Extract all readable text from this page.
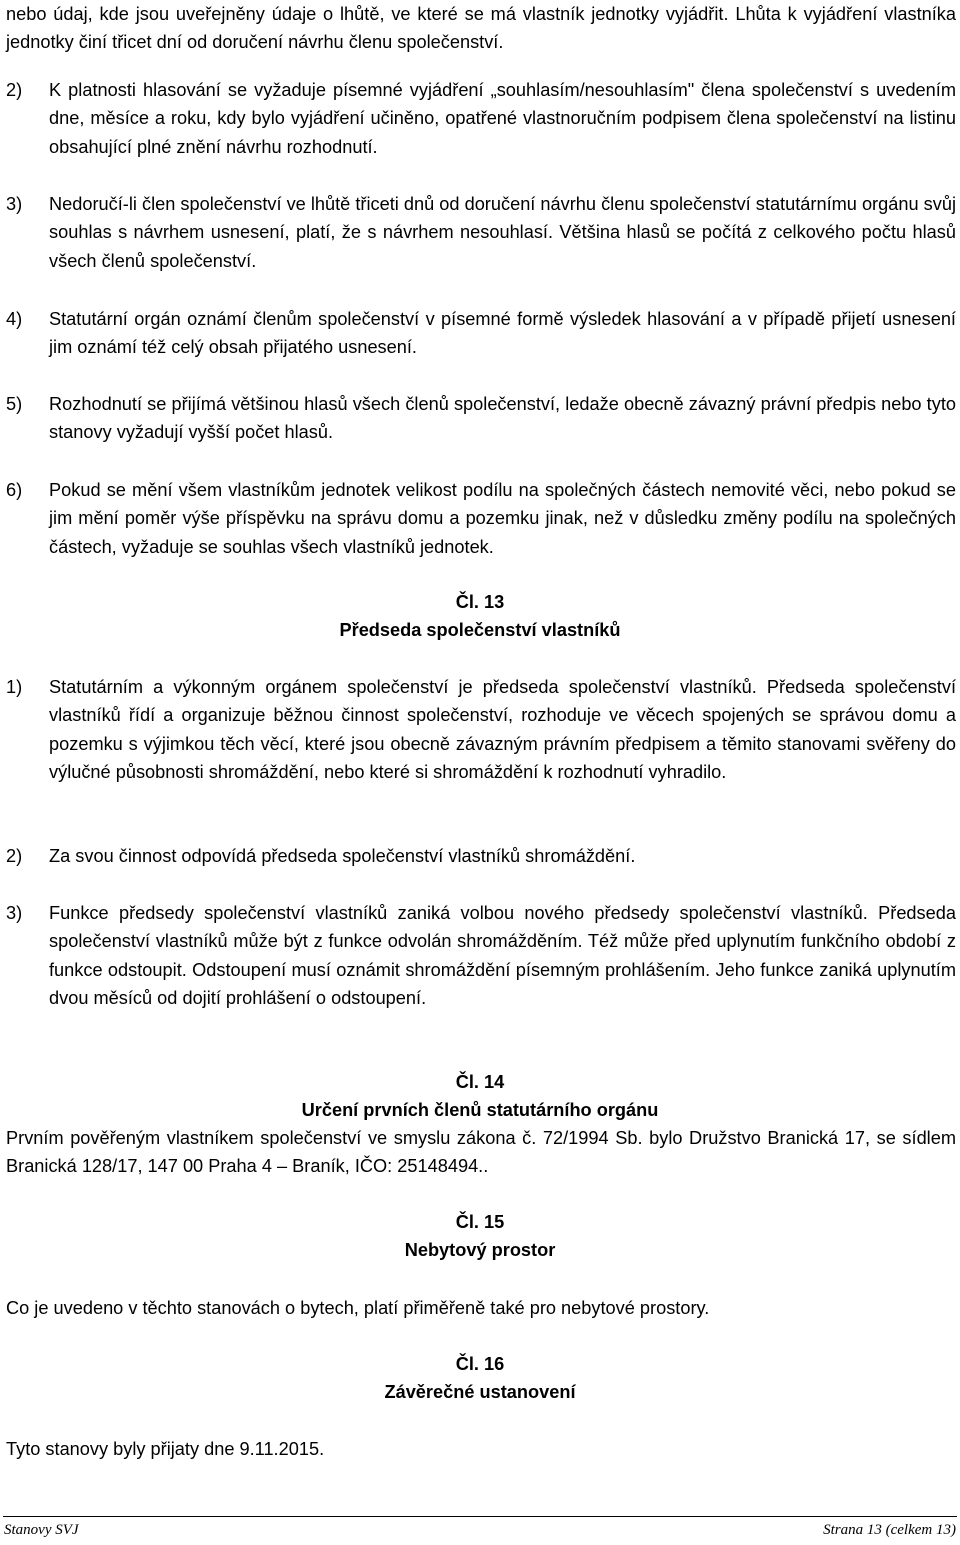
nebo údaj, kde jsou uveřejněny údaje o lhůtě, ve které se má vlastník jednotky vyjádřit. Lhůta k vyjádření vlastníka jednotky činí třicet dní od doručení návrhu členu společenství.

2)	K platnosti hlasování se vyžaduje písemné vyjádření „souhlasím/nesouhlasím" člena společenství s uvedením dne, měsíce a roku, kdy bylo vyjádření učiněno, opatřené vlastnoručním podpisem člena společenství na listinu obsahující plné znění návrhu rozhodnutí.
3)	Nedoručí-li člen společenství ve lhůtě třiceti dnů od doručení návrhu členu společenství statutárnímu orgánu svůj souhlas s návrhem usnesení, platí, že s návrhem nesouhlasí. Většina hlasů se počítá z celkového počtu hlasů všech členů společenství.
4)	Statutární orgán oznámí členům společenství v písemné formě výsledek hlasování a v případě přijetí usnesení jim oznámí též celý obsah přijatého usnesení.
5)	Rozhodnutí se přijímá většinou hlasů všech členů společenství, ledaže obecně závazný právní předpis nebo tyto stanovy vyžadují vyšší počet hlasů.
6)	Pokud se mění všem vlastníkům jednotek velikost podílu na společných částech nemovité věci, nebo pokud se jim mění poměr výše příspěvku na správu domu a pozemku jinak, než v důsledku změny podílu na společných částech, vyžaduje se souhlas všech vlastníků jednotek.
Čl. 13
Předseda společenství vlastníků
1)	Statutárním a výkonným orgánem společenství je předseda společenství vlastníků. Předseda společenství vlastníků řídí a organizuje běžnou činnost společenství, rozhoduje ve věcech spojených se správou domu a pozemku s výjimkou těch věcí, které jsou obecně závazným právním předpisem a těmito stanovami svěřeny do výlučné působnosti shromáždění, nebo které si shromáždění k rozhodnutí vyhradilo.
2)	Za svou činnost odpovídá předseda společenství vlastníků shromáždění.
3)	Funkce předsedy společenství vlastníků zaniká volbou nového předsedy společenství vlastníků. Předseda společenství vlastníků může být z funkce odvolán shromážděním. Též může před uplynutím funkčního období z funkce odstoupit. Odstoupení musí oznámit shromáždění písemným prohlášením. Jeho funkce zaniká uplynutím dvou měsíců od dojití prohlášení o odstoupení.
Čl. 14
Určení prvních členů statutárního orgánu

Prvním pověřeným vlastníkem společenství ve smyslu zákona č. 72/1994 Sb. bylo Družstvo Branická 17, se sídlem Branická 128/17, 147 00 Praha 4 – Braník, IČO: 25148494..

Čl. 15
Nebytový prostor

Co je uvedeno v těchto stanovách o bytech, platí přiměřeně také pro nebytové prostory.

Čl. 16
Závěrečné ustanovení

Tyto stanovy byly přijaty dne 9.11.2015.

Stanovy SVJ	Strana 13 (celkem 13)
